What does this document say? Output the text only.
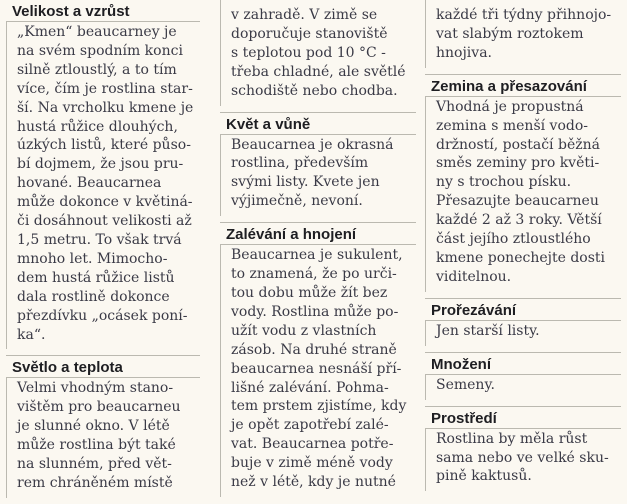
Velikost a vzrůst
„Kmen“ beaucarney je
na svém spodním konci
silně ztloustlý, a to tím
více, čím je rostlina star-
ší. Na vrcholku kmene je
hustá růžice dlouhých,
úzkých listů, které půso-
bí dojmem, že jsou pru-
hované. Beaucarnea
může dokonce v květiná-
či dosáhnout velikosti až
1,5 metru. To však trvá
mnoho let. Mimocho-
dem hustá růžice listů
dala rostlině dokonce
přezdívku „ocásek poní-
ka“.
Světlo a teplota
Velmi vhodným stano-
vištěm pro beaucarneu
je slunné okno. V létě
může rostlina být také
na slunném, před vět-
rem chráněném místě
v zahradě. V zimě se
doporučuje stanoviště
s teplotou pod 10 °C -
třeba chladné, ale světlé
schodiště nebo chodba.
Květ a vůně
Beaucarnea je okrasná
rostlina, především
svými listy. Kvete jen
výjimečně, nevoní.
Zalévání a hnojení
Beaucarnea je sukulent,
to znamená, že po urči-
tou dobu může žít bez
vody. Rostlina může po-
užít vodu z vlastních
zásob. Na druhé straně
beaucarnea nesnáší pří-
lišné zalévání. Pohma-
tem prstem zjistíme, kdy
je opět zapotřebí zalé-
vat. Beaucarnea potře-
buje v zimě méně vody
než v létě, kdy je nutné
každé tři týdny přihnojo-
vat slabým roztokem
hnojiva.
Zemina a přesazování
Vhodná je propustná
zemina s menší vodo-
držností, postačí běžná
směs zeminy pro květi-
ny s trochou písku.
Přesazujte beaucarneu
každé 2 až 3 roky. Větší
část jejího ztloustlého
kmene ponechejte dosti
viditelnou.
Prořezávání
Jen starší listy.
Množení
Semeny.
Prostředí
Rostlina by měla růst
sama nebo ve velké sku-
pině kaktusů.
